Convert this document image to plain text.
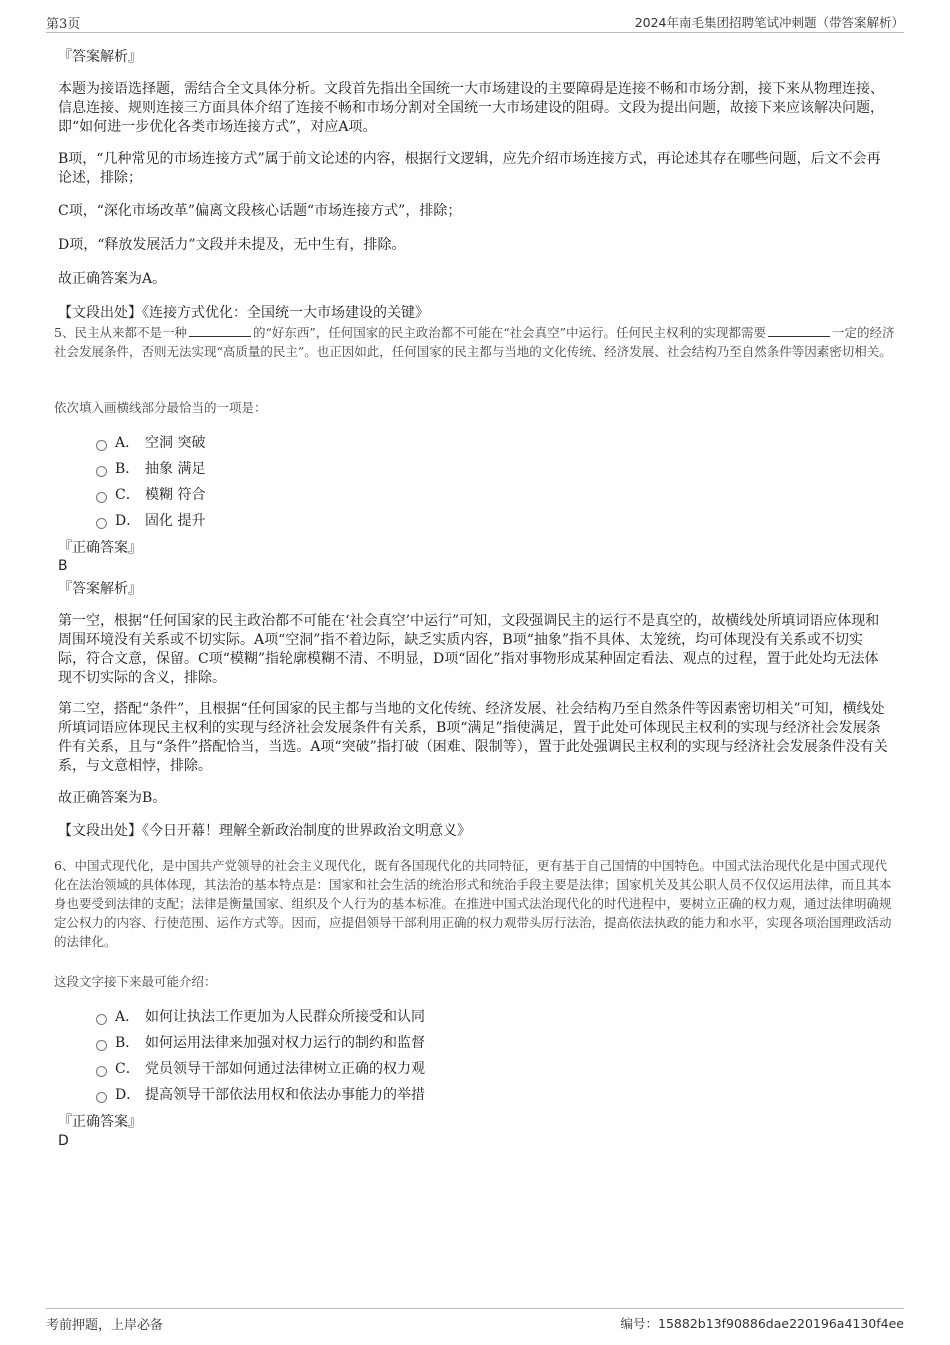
第3页	2024年南毛集团招聘笔试冲刺题（带答案解析）

『答案解析』

本题为接语选择题，需结合全文具体分析。文段首先指出全国统一大市场建设的主要障碍是连接不畅和市场分割，接下来从物理连接、信息连接、规则连接三方面具体介绍了连接不畅和市场分割对全国统一大市场建设的阻碍。文段为提出问题，故接下来应该解决问题，即“如何进一步优化各类市场连接方式”，对应A项。

B项，“几种常见的市场连接方式”属于前文论述的内容，根据行文逻辑，应先介绍市场连接方式，再论述其存在哪些问题，后文不会再论述，排除；

C项，“深化市场改革”偏离文段核心话题“市场连接方式”，排除；

D项，“释放发展活力”文段并未提及，无中生有，排除。

故正确答案为A。

【文段出处】《连接方式优化：全国统一大市场建设的关键》

5、民主从来都不是一种	的“好东西”，任何国家的民主政治都不可能在“社会真空”中运行。任何民主权利的实现都需要	一定的经济社会发展条件，否则无法实现“高质量的民主”。也正因如此，任何国家的民主都与当地的文化传统、经济发展、社会结构乃至自然条件等因素密切相关。

依次填入画横线部分最恰当的一项是：

A． 空洞 突破
B． 抽象 满足
C． 模糊 符合
D． 固化 提升

『正确答案』

B

『答案解析』

第一空，根据“任何国家的民主政治都不可能在‘社会真空’中运行”可知，文段强调民主的运行不是真空的，故横线处所填词语应体现和周围环境没有关系或不切实际。A项“空洞”指不着边际，缺乏实质内容，B项“抽象”指不具体、太笼统，均可体现没有关系或不切实际，符合文意，保留。C项“模糊”指轮廓模糊不清、不明显，D项“固化”指对事物形成某种固定看法、观点的过程，置于此处均无法体现不切实际的含义，排除。

第二空，搭配“条件”，且根据“任何国家的民主都与当地的文化传统、经济发展、社会结构乃至自然条件等因素密切相关”可知，横线处所填词语应体现民主权利的实现与经济社会发展条件有关系，B项“满足”指使满足，置于此处可体现民主权利的实现与经济社会发展条件有关系，且与“条件”搭配恰当，当选。A项“突破”指打破（困难、限制等），置于此处强调民主权利的实现与经济社会发展条件没有关系，与文意相悖，排除。

故正确答案为B。

【文段出处】《今日开幕！理解全新政治制度的世界政治文明意义》

6、中国式现代化，是中国共产党领导的社会主义现代化，既有各国现代化的共同特征，更有基于自己国情的中国特色。中国式法治现代化是中国式现代化在法治领域的具体体现，其法治的基本特点是：国家和社会生活的统治形式和统治手段主要是法律；国家机关及其公职人员不仅仅运用法律，而且其本身也要受到法律的支配；法律是衡量国家、组织及个人行为的基本标准。在推进中国式法治现代化的时代进程中，要树立正确的权力观，通过法律明确规定公权力的内容、行使范围、运作方式等。因而，应提倡领导干部利用正确的权力观带头厉行法治，提高依法执政的能力和水平，实现各项治国理政活动的法律化。

这段文字接下来最可能介绍：

A． 如何让执法工作更加为人民群众所接受和认同
B． 如何运用法律来加强对权力运行的制约和监督
C． 党员领导干部如何通过法律树立正确的权力观
D． 提高领导干部依法用权和依法办事能力的举措

『正确答案』

D

考前押题，上岸必备	编号：15882b13f90886dae220196a4130f4ee
